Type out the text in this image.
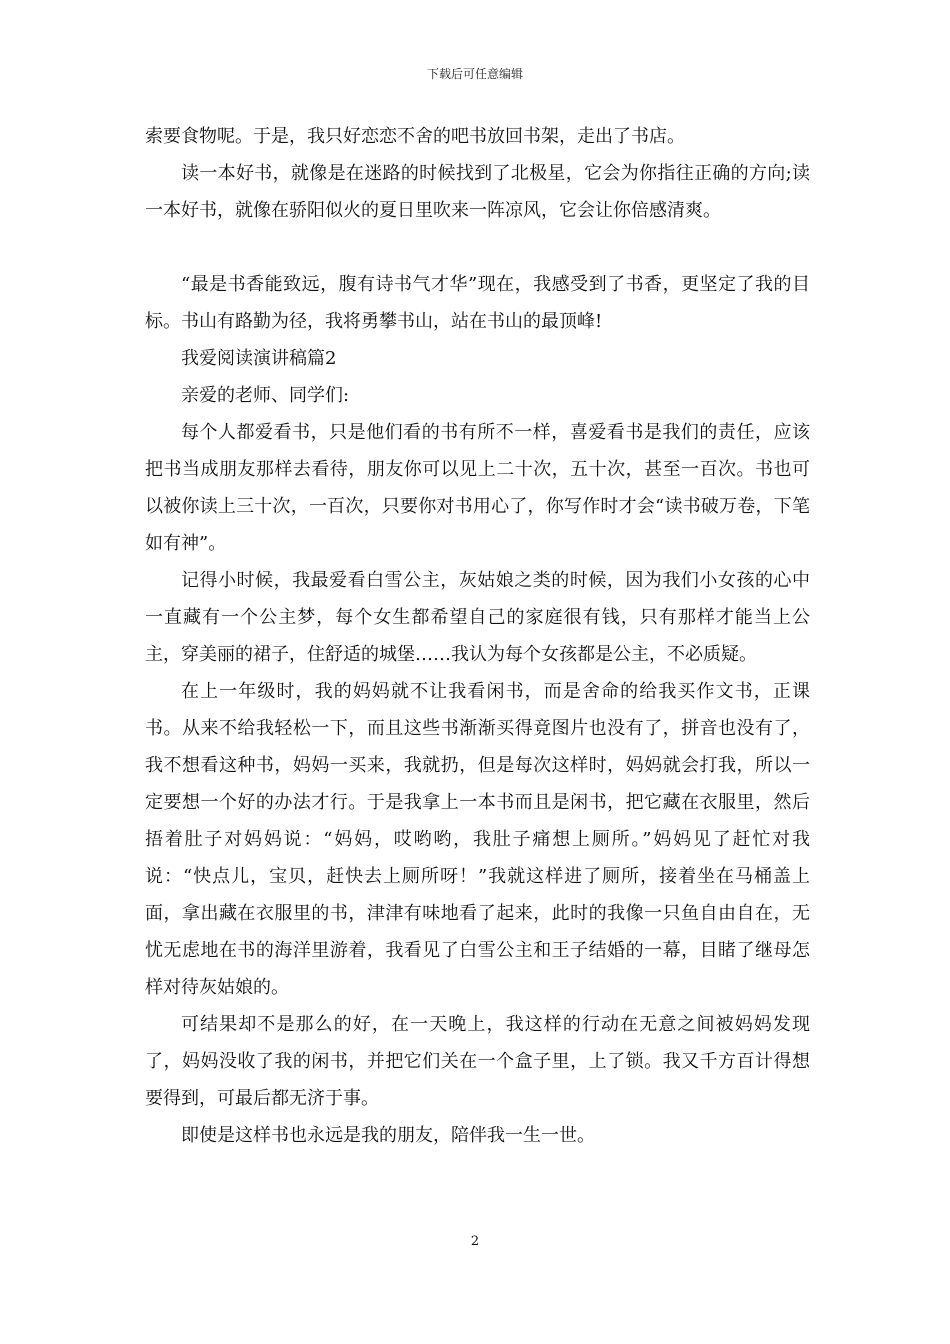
下载后可任意编辑

索要食物呢。于是，我只好恋恋不舍的吧书放回书架，走出了书店。

读一本好书，就像是在迷路的时候找到了北极星，它会为你指往正确的方向;读一本好书，就像在骄阳似火的夏日里吹来一阵凉风，它会让你倍感清爽。

“最是书香能致远，腹有诗书气才华”现在，我感受到了书香，更坚定了我的目标。书山有路勤为径，我将勇攀书山，站在书山的最顶峰!

我爱阅读演讲稿篇2

亲爱的老师、同学们:

每个人都爱看书，只是他们看的书有所不一样，喜爱看书是我们的责任，应该把书当成朋友那样去看待，朋友你可以见上二十次，五十次，甚至一百次。书也可以被你读上三十次，一百次，只要你对书用心了，你写作时才会“读书破万卷，下笔如有神”。

记得小时候，我最爱看白雪公主，灰姑娘之类的时候，因为我们小女孩的心中一直藏有一个公主梦，每个女生都希望自己的家庭很有钱，只有那样才能当上公主，穿美丽的裙子，住舒适的城堡……我认为每个女孩都是公主，不必质疑。

在上一年级时，我的妈妈就不让我看闲书，而是舍命的给我买作文书，正课书。从来不给我轻松一下，而且这些书渐渐买得竟图片也没有了，拼音也没有了，我不想看这种书，妈妈一买来，我就扔，但是每次这样时，妈妈就会打我，所以一定要想一个好的办法才行。于是我拿上一本书而且是闲书，把它藏在衣服里，然后捂着肚子对妈妈说：“妈妈，哎哟哟，我肚子痛想上厕所。”妈妈见了赶忙对我说：“快点儿，宝贝，赶快去上厕所呀！”我就这样进了厕所，接着坐在马桶盖上面，拿出藏在衣服里的书，津津有味地看了起来，此时的我像一只鱼自由自在，无忧无虑地在书的海洋里游着，我看见了白雪公主和王子结婚的一幕，目睹了继母怎样对待灰姑娘的。

可结果却不是那么的好，在一天晚上，我这样的行动在无意之间被妈妈发现了，妈妈没收了我的闲书，并把它们关在一个盒子里，上了锁。我又千方百计得想要得到，可最后都无济于事。

即使是这样书也永远是我的朋友，陪伴我一生一世。

2
